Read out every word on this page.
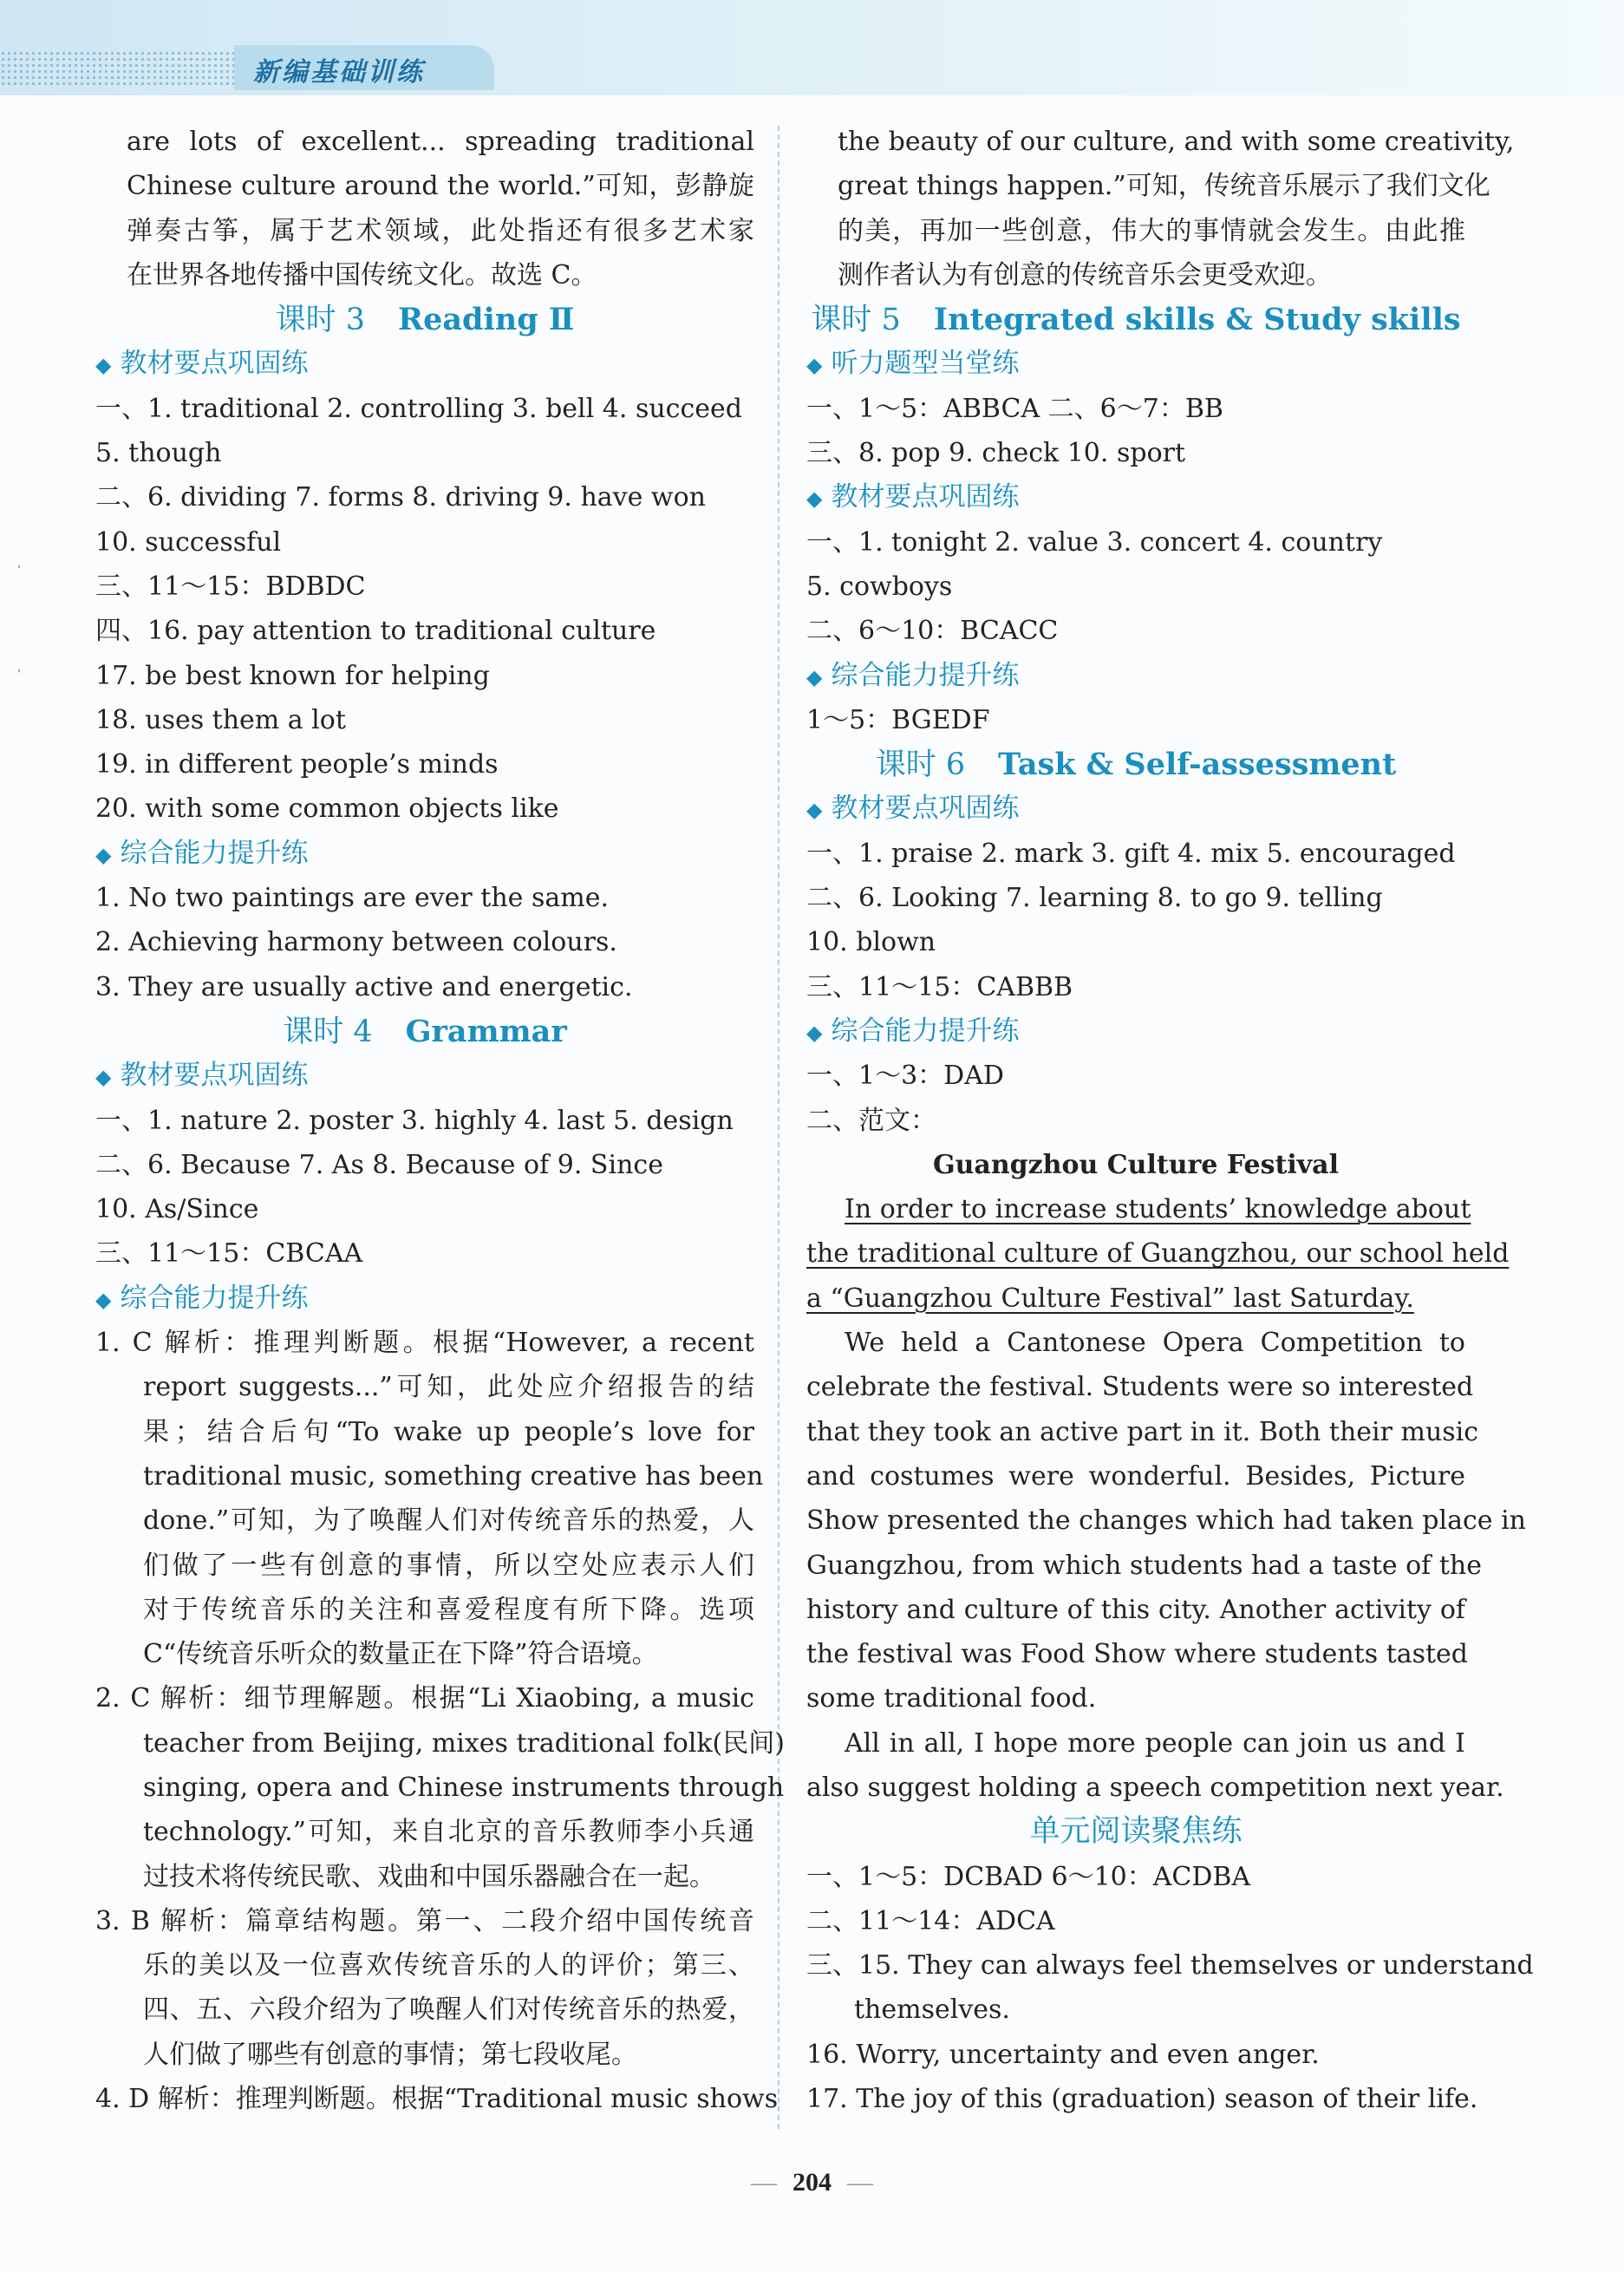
新编基础训练
'
'
are lots of excellent... spreading traditional
Chinese culture around the world.”可知，彭静旋
弹奏古筝，属于艺术领域，此处指还有很多艺术家
在世界各地传播中国传统文化。故选 C。
课时 3 Reading Ⅱ
◆ 教材要点巩固练
一、1. traditional 2. controlling 3. bell 4. succeed
5. though
二、6. dividing 7. forms 8. driving 9. have won
10. successful
三、11～15：BDBDC
四、16. pay attention to traditional culture
17. be best known for helping
18. uses them a lot
19. in different people’s minds
20. with some common objects like
◆ 综合能力提升练
1. No two paintings are ever the same.
2. Achieving harmony between colours.
3. They are usually active and energetic.
课时 4 Grammar
◆ 教材要点巩固练
一、1. nature 2. poster 3. highly 4. last 5. design
二、6. Because 7. As 8. Because of 9. Since
10. As/Since
三、11～15：CBCAA
◆ 综合能力提升练
1. C 解析：推理判断题。根据“However, a recent
report suggests...”可知，此处应介绍报告的结
果；结合后句“To wake up people’s love for
traditional music, something creative has been
done.”可知，为了唤醒人们对传统音乐的热爱，人
们做了一些有创意的事情，所以空处应表示人们
对于传统音乐的关注和喜爱程度有所下降。选项
C“传统音乐听众的数量正在下降”符合语境。
2. C 解析：细节理解题。根据“Li Xiaobing, a music
teacher from Beijing, mixes traditional folk(民间)
singing, opera and Chinese instruments through
technology.”可知，来自北京的音乐教师李小兵通
过技术将传统民歌、戏曲和中国乐器融合在一起。
3. B 解析：篇章结构题。第一、二段介绍中国传统音
乐的美以及一位喜欢传统音乐的人的评价；第三、
四、五、六段介绍为了唤醒人们对传统音乐的热爱，
人们做了哪些有创意的事情；第七段收尾。
4. D 解析：推理判断题。根据“Traditional music shows
the beauty of our culture, and with some creativity,
great things happen.”可知，传统音乐展示了我们文化
的美，再加一些创意，伟大的事情就会发生。由此推
测作者认为有创意的传统音乐会更受欢迎。
课时 5 Integrated skills & Study skills
◆ 听力题型当堂练
一、1～5：ABBCA 二、6～7：BB
三、8. pop 9. check 10. sport
◆ 教材要点巩固练
一、1. tonight 2. value 3. concert 4. country
5. cowboys
二、6～10：BCACC
◆ 综合能力提升练
1～5：BGEDF
课时 6 Task & Self-assessment
◆ 教材要点巩固练
一、1. praise 2. mark 3. gift 4. mix 5. encouraged
二、6. Looking 7. learning 8. to go 9. telling
10. blown
三、11～15：CABBB
◆ 综合能力提升练
一、1～3：DAD
二、范文：
Guangzhou Culture Festival
In order to increase students’ knowledge about
the traditional culture of Guangzhou, our school held
a “Guangzhou Culture Festival” last Saturday.
We held a Cantonese Opera Competition to
celebrate the festival. Students were so interested
that they took an active part in it. Both their music
and costumes were wonderful. Besides, Picture
Show presented the changes which had taken place in
Guangzhou, from which students had a taste of the
history and culture of this city. Another activity of
the festival was Food Show where students tasted
some traditional food.
All in all, I hope more people can join us and I
also suggest holding a speech competition next year.
单元阅读聚焦练
一、1～5：DCBAD 6～10：ACDBA
二、11～14：ADCA
三、15. They can always feel themselves or understand
themselves.
16. Worry, uncertainty and even anger.
17. The joy of this (graduation) season of their life.
— 204 —
